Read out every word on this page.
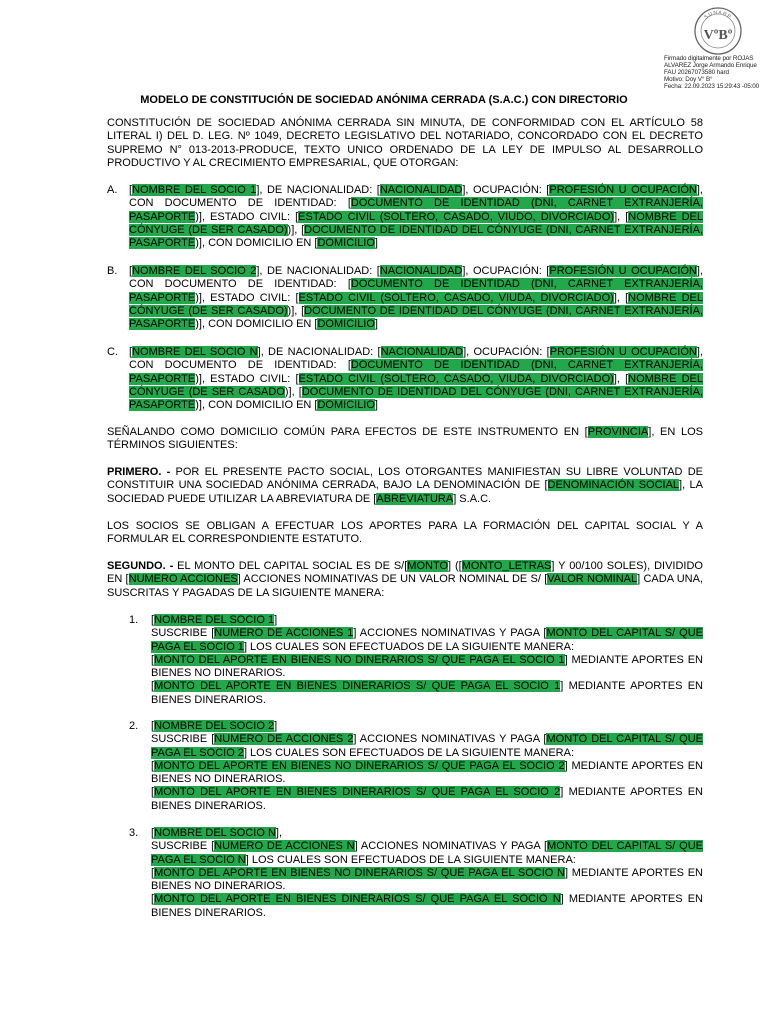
SUNARP
VºBº
Firmado digitalmente por ROJAS
ALVAREZ Jorge Armando Enrique
FAU 20267073580 hard
Motivo: Doy V° B°
Fecha: 22.09.2023 15:29:43 -05:00
MODELO DE CONSTITUCIÓN DE SOCIEDAD ANÓNIMA CERRADA (S.A.C.) CON DIRECTORIO
CONSTITUCIÓN DE SOCIEDAD ANÓNIMA CERRADA SIN MINUTA, DE CONFORMIDAD CON EL ARTÍCULO 58 LITERAL I) DEL D. LEG. Nº 1049, DECRETO LEGISLATIVO DEL NOTARIADO, CONCORDADO CON EL DECRETO SUPREMO N° 013-2013-PRODUCE, TEXTO UNICO ORDENADO DE LA LEY DE IMPULSO AL DESARROLLO PRODUCTIVO Y AL CRECIMIENTO EMPRESARIAL, QUE OTORGAN:
A. [NOMBRE DEL SOCIO 1], DE NACIONALIDAD: [NACIONALIDAD], OCUPACIÓN: [PROFESIÓN U OCUPACIÓN], CON DOCUMENTO DE IDENTIDAD: [DOCUMENTO DE IDENTIDAD (DNI, CARNET EXTRANJERÍA, PASAPORTE)], ESTADO CIVIL: [ESTADO CIVIL (SOLTERO, CASADO, VIUDO, DIVORCIADO)], [NOMBRE DEL CÓNYUGE (DE SER CASADO))], [DOCUMENTO DE IDENTIDAD DEL CÓNYUGE (DNI, CARNET EXTRANJERÍA, PASAPORTE)], CON DOMICILIO EN [DOMICILIO]
B. [NOMBRE DEL SOCIO 2], DE NACIONALIDAD: [NACIONALIDAD], OCUPACIÓN: [PROFESIÓN U OCUPACIÓN], CON DOCUMENTO DE IDENTIDAD: [DOCUMENTO DE IDENTIDAD (DNI, CARNET EXTRANJERÍA, PASAPORTE)], ESTADO CIVIL: [ESTADO CIVIL (SOLTERO, CASADO, VIUDA, DIVORCIADO)], [NOMBRE DEL CÓNYUGE (DE SER CASADO))], [DOCUMENTO DE IDENTIDAD DEL CÓNYUGE (DNI, CARNET EXTRANJERÍA, PASAPORTE)], CON DOMICILIO EN [DOMICILIO]
C. [NOMBRE DEL SOCIO N], DE NACIONALIDAD: [NACIONALIDAD], OCUPACIÓN: [PROFESIÓN U OCUPACIÓN], CON DOCUMENTO DE IDENTIDAD: [DOCUMENTO DE IDENTIDAD (DNI, CARNET EXTRANJERÍA, PASAPORTE)], ESTADO CIVIL: [ESTADO CIVIL (SOLTERO, CASADO, VIUDA, DIVORCIADO)], [NOMBRE DEL CÓNYUGE (DE SER CASADO)], [DOCUMENTO DE IDENTIDAD DEL CÓNYUGE (DNI, CARNET EXTRANJERÍA, PASAPORTE)], CON DOMICILIO EN [DOMICILIO]
SEÑALANDO COMO DOMICILIO COMÚN PARA EFECTOS DE ESTE INSTRUMENTO EN [PROVINCIA], EN LOS TÉRMINOS SIGUIENTES:
PRIMERO. - POR EL PRESENTE PACTO SOCIAL, LOS OTORGANTES MANIFIESTAN SU LIBRE VOLUNTAD DE CONSTITUIR UNA SOCIEDAD ANÓNIMA CERRADA, BAJO LA DENOMINACIÓN DE [DENOMINACIÓN SOCIAL], LA SOCIEDAD PUEDE UTILIZAR LA ABREVIATURA DE [ABREVIATURA] S.A.C.
LOS SOCIOS SE OBLIGAN A EFECTUAR LOS APORTES PARA LA FORMACIÓN DEL CAPITAL SOCIAL Y A FORMULAR EL CORRESPONDIENTE ESTATUTO.
SEGUNDO. - EL MONTO DEL CAPITAL SOCIAL ES DE S/[MONTO] ([MONTO_LETRAS] Y 00/100 SOLES), DIVIDIDO EN [NUMERO ACCIONES] ACCIONES NOMINATIVAS DE UN VALOR NOMINAL DE S/ [VALOR NOMINAL] CADA UNA, SUSCRITAS Y PAGADAS DE LA SIGUIENTE MANERA:
1. [NOMBRE DEL SOCIO 1]
SUSCRIBE [NUMERO DE ACCIONES 1] ACCIONES NOMINATIVAS Y PAGA [MONTO DEL CAPITAL S/ QUE PAGA EL SOCIO 1] LOS CUALES SON EFECTUADOS DE LA SIGUIENTE MANERA:
[MONTO DEL APORTE EN BIENES NO DINERARIOS S/ QUE PAGA EL SOCIO 1] MEDIANTE APORTES EN BIENES NO DINERARIOS.
[MONTO DEL APORTE EN BIENES DINERARIOS S/ QUE PAGA EL SOCIO 1] MEDIANTE APORTES EN BIENES DINERARIOS.
2. [NOMBRE DEL SOCIO 2]
SUSCRIBE [NUMERO DE ACCIONES 2] ACCIONES NOMINATIVAS Y PAGA [MONTO DEL CAPITAL S/ QUE PAGA EL SOCIO 2] LOS CUALES SON EFECTUADOS DE LA SIGUIENTE MANERA:
[MONTO DEL APORTE EN BIENES NO DINERARIOS S/ QUE PAGA EL SOCIO 2] MEDIANTE APORTES EN BIENES NO DINERARIOS.
[MONTO DEL APORTE EN BIENES DINERARIOS S/ QUE PAGA EL SOCIO 2] MEDIANTE APORTES EN BIENES DINERARIOS.
3. [NOMBRE DEL SOCIO N],
SUSCRIBE [NUMERO DE ACCIONES N] ACCIONES NOMINATIVAS Y PAGA [MONTO DEL CAPITAL S/ QUE PAGA EL SOCIO N] LOS CUALES SON EFECTUADOS DE LA SIGUIENTE MANERA:
[MONTO DEL APORTE EN BIENES NO DINERARIOS S/ QUE PAGA EL SOCIO N] MEDIANTE APORTES EN BIENES NO DINERARIOS.
[MONTO DEL APORTE EN BIENES DINERARIOS S/ QUE PAGA EL SOCIO N] MEDIANTE APORTES EN BIENES DINERARIOS.
